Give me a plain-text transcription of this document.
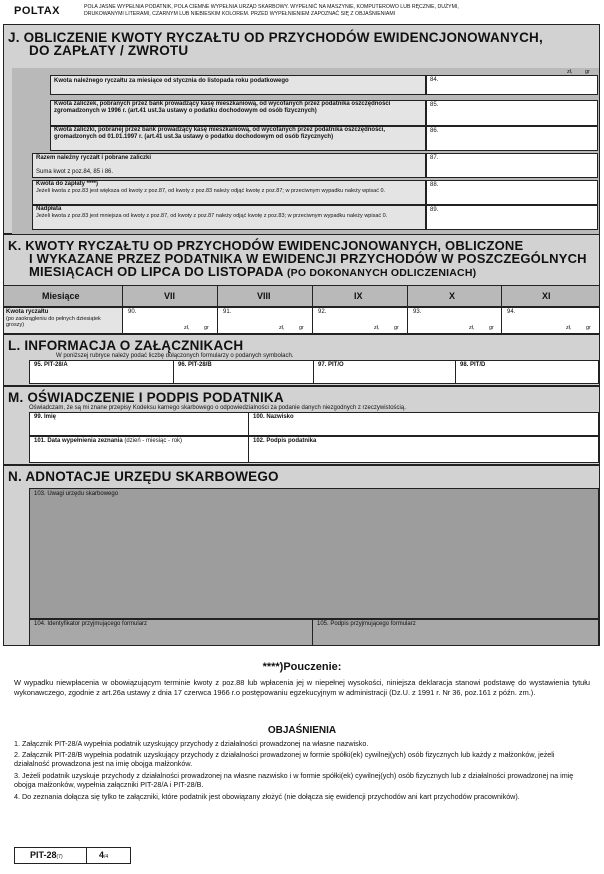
POLTAX	POLA JASNE WYPEŁNIA PODATNIK, POLA CIEMNE WYPEŁNIA URZĄD SKARBOWY. WYPEŁNIĆ NA MASZYNIE, KOMPUTEROWO LUB RĘCZNIE, DUŻYMI,
DRUKOWANYMI LITERAMI, CZARNYM LUB NIEBIESKIM KOLOREM. PRZED WYPEŁNIENIEM ZAPOZNAĆ SIĘ Z OBJAŚNIENIAMI
J. OBLICZENIE KWOTY RYCZAŁTU OD PRZYCHODÓW EWIDENCJONOWANYCH,
DO ZAPŁATY / ZWROTU
Kwota należnego ryczałtu za miesiące od stycznia do listopada roku podatkowego	84.
zł, gr
Kwota zaliczek, pobranych przez bank prowadzący kasę mieszkaniową, od wycofanych przez podatnika oszczędności zgromadzonych w 1996 r. (art.41 ust.3a ustawy o podatku dochodowym od osób fizycznych)
85.
Kwota zaliczki, pobranej przez bank prowadzący kasę mieszkaniową, od wycofanych przez podatnika oszczędności, gromadzonych od 01.01.1997 r. (art.41 ust.3a ustawy o podatku dochodowym od osób fizycznych)
86.
Razem należny ryczałt i pobrane zaliczki
Suma kwot z poz.84, 85 i 86.
87.
Kwota do zapłaty ****)
Jeżeli kwota z poz.83 jest większa od kwoty z poz.87, od kwoty z poz.83 należy odjąć kwotę z poz.87; w przeciwnym wypadku należy wpisać 0.
88.
Nadpłata
Jeżeli kwota z poz.83 jest mniejsza od kwoty z poz.87, od kwoty z poz.87 należy odjąć kwotę z poz.83; w przeciwnym wypadku należy wpisać 0.
89.
K. KWOTY RYCZAŁTU OD PRZYCHODÓW EWIDENCJONOWANYCH, OBLICZONE
I WYKAZANE PRZEZ PODATNIKA W EWIDENCJI PRZYCHODÓW W POSZCZEGÓLNYCH
MIESIĄCACH OD LIPCA DO LISTOPADA (PO DOKONANYCH ODLICZENIACH)
Miesiące	VII	VIII	IX	X	XI
Kwota ryczałtu
(po zaokrągleniu do pełnych dziesiątek groszy)
90.	91.	92.	93.	94.
zł,	gr	zł,	gr	zł,	gr	zł,	gr	zł,	gr
L. INFORMACJA O ZAŁĄCZNIKACH
W poniższej rubryce należy podać liczbę dołączonych formularzy o podanych symbolach.
95. PIT-28/A	96. PIT-28/B	97. PIT/O	98. PIT/D
M. OŚWIADCZENIE I PODPIS PODATNIKA
Oświadczam, że są mi znane przepisy Kodeksu karnego skarbowego o odpowiedzialności za podanie danych niezgodnych z rzeczywistością.
99. Imię	100. Nazwisko
101. Data wypełnienia zeznania (dzień - miesiąc - rok)	102. Podpis podatnika
N. ADNOTACJE URZĘDU SKARBOWEGO
103. Uwagi urzędu skarbowego
104. Identyfikator przyjmującego formularz	105. Podpis przyjmującego formularz
****)Pouczenie:
W wypadku niewpłacenia w obowiązującym terminie kwoty z poz.88 lub wpłacenia jej w niepełnej wysokości, niniejsza deklaracja stanowi podstawę do wystawienia tytułu wykonawczego, zgodnie z art.26a ustawy z dnia 17 czerwca 1966 r.o postępowaniu egzekucyjnym w administracji (Dz.U. z 1991 r. Nr 36, poz.161 z późn. zm.).
OBJAŚNIENIA
1. Załącznik PIT-28/A wypełnia podatnik uzyskujący przychody z działalności prowadzonej na własne nazwisko.
2. Załącznik PIT-28/B wypełnia podatnik uzyskujący przychody z działalności prowadzonej w formie spółki(ek) cywilnej(ych) osób fizycznych lub każdy z małżonków, jeżeli działalność prowadzona jest na imię obojga małżonków.
3. Jeżeli podatnik uzyskuje przychody z działalności prowadzonej na własne nazwisko i w formie spółki(ek) cywilnej(ych) osób fizycznych lub z działalności prowadzonej na imię obojga małżonków, wypełnia załączniki PIT-28/A i PIT-28/B.
4. Do zeznania dołącza się tylko te załączniki, które podatnik jest obowiązany złożyć (nie dołącza się ewidencji przychodów ani kart przychodów pracowników).
PIT-28(7)	4/4
